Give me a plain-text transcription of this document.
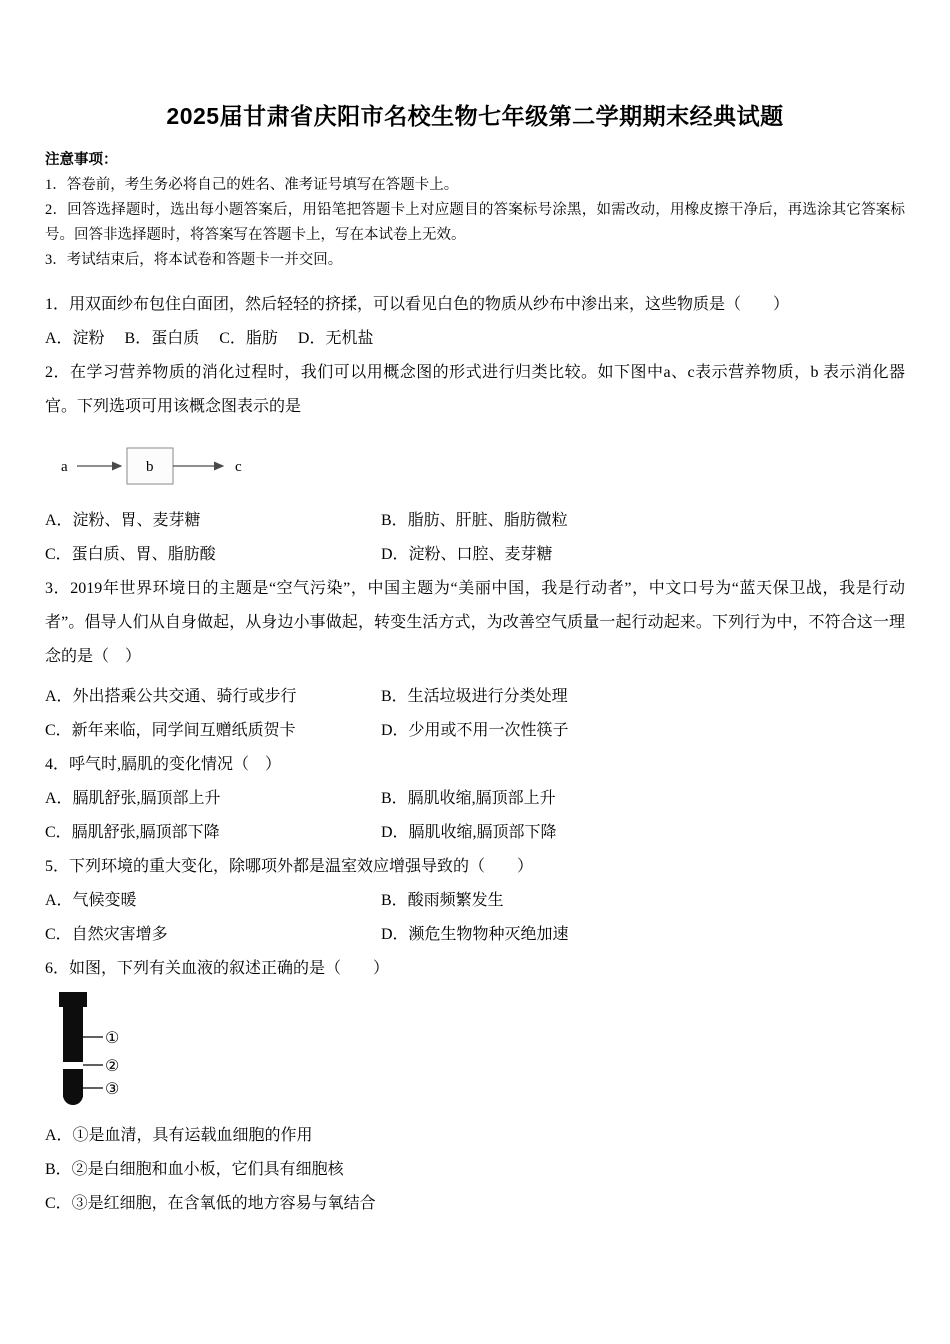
2025届甘肃省庆阳市名校生物七年级第二学期期末经典试题

注意事项：

1．答卷前，考生务必将自己的姓名、准考证号填写在答题卡上。

2．回答选择题时，选出每小题答案后，用铅笔把答题卡上对应题目的答案标号涂黑，如需改动，用橡皮擦干净后，再选涂其它答案标号。回答非选择题时，将答案写在答题卡上，写在本试卷上无效。

3．考试结束后，将本试卷和答题卡一并交回。

1．用双面纱布包住白面团，然后轻轻的挤揉，可以看见白色的物质从纱布中渗出来，这些物质是（　　）

A．淀粉　 B．蛋白质　 C．脂肪　 D．无机盐

2．在学习营养物质的消化过程时，我们可以用概念图的形式进行归类比较。如下图中a、c表示营养物质，b 表示消化器官。下列选项可用该概念图表示的是

a	b	c

A．淀粉、胃、麦芽糖	B．脂肪、肝脏、脂肪微粒

C．蛋白质、胃、脂肪酸	D．淀粉、口腔、麦芽糖

3．2019年世界环境日的主题是“空气污染”，中国主题为“美丽中国，我是行动者”，中文口号为“蓝天保卫战，我是行动者”。倡导人们从自身做起，从身边小事做起，转变生活方式，为改善空气质量一起行动起来。下列行为中，不符合这一理念的是（　）

A．外出搭乘公共交通、骑行或步行	B．生活垃圾进行分类处理

C．新年来临，同学间互赠纸质贺卡	D．少用或不用一次性筷子

4．呼气时,膈肌的变化情况（　）

A．膈肌舒张,膈顶部上升	B．膈肌收缩,膈顶部上升

C．膈肌舒张,膈顶部下降	D．膈肌收缩,膈顶部下降

5．下列环境的重大变化，除哪项外都是温室效应增强导致的（　　）

A．气候变暖	B．酸雨频繁发生

C．自然灾害增多	D．濒危生物物种灭绝加速

6．如图，下列有关血液的叙述正确的是（　　）

①
②
③

A．①是血清，具有运载血细胞的作用

B．②是白细胞和血小板，它们具有细胞核

C．③是红细胞，在含氧低的地方容易与氧结合
